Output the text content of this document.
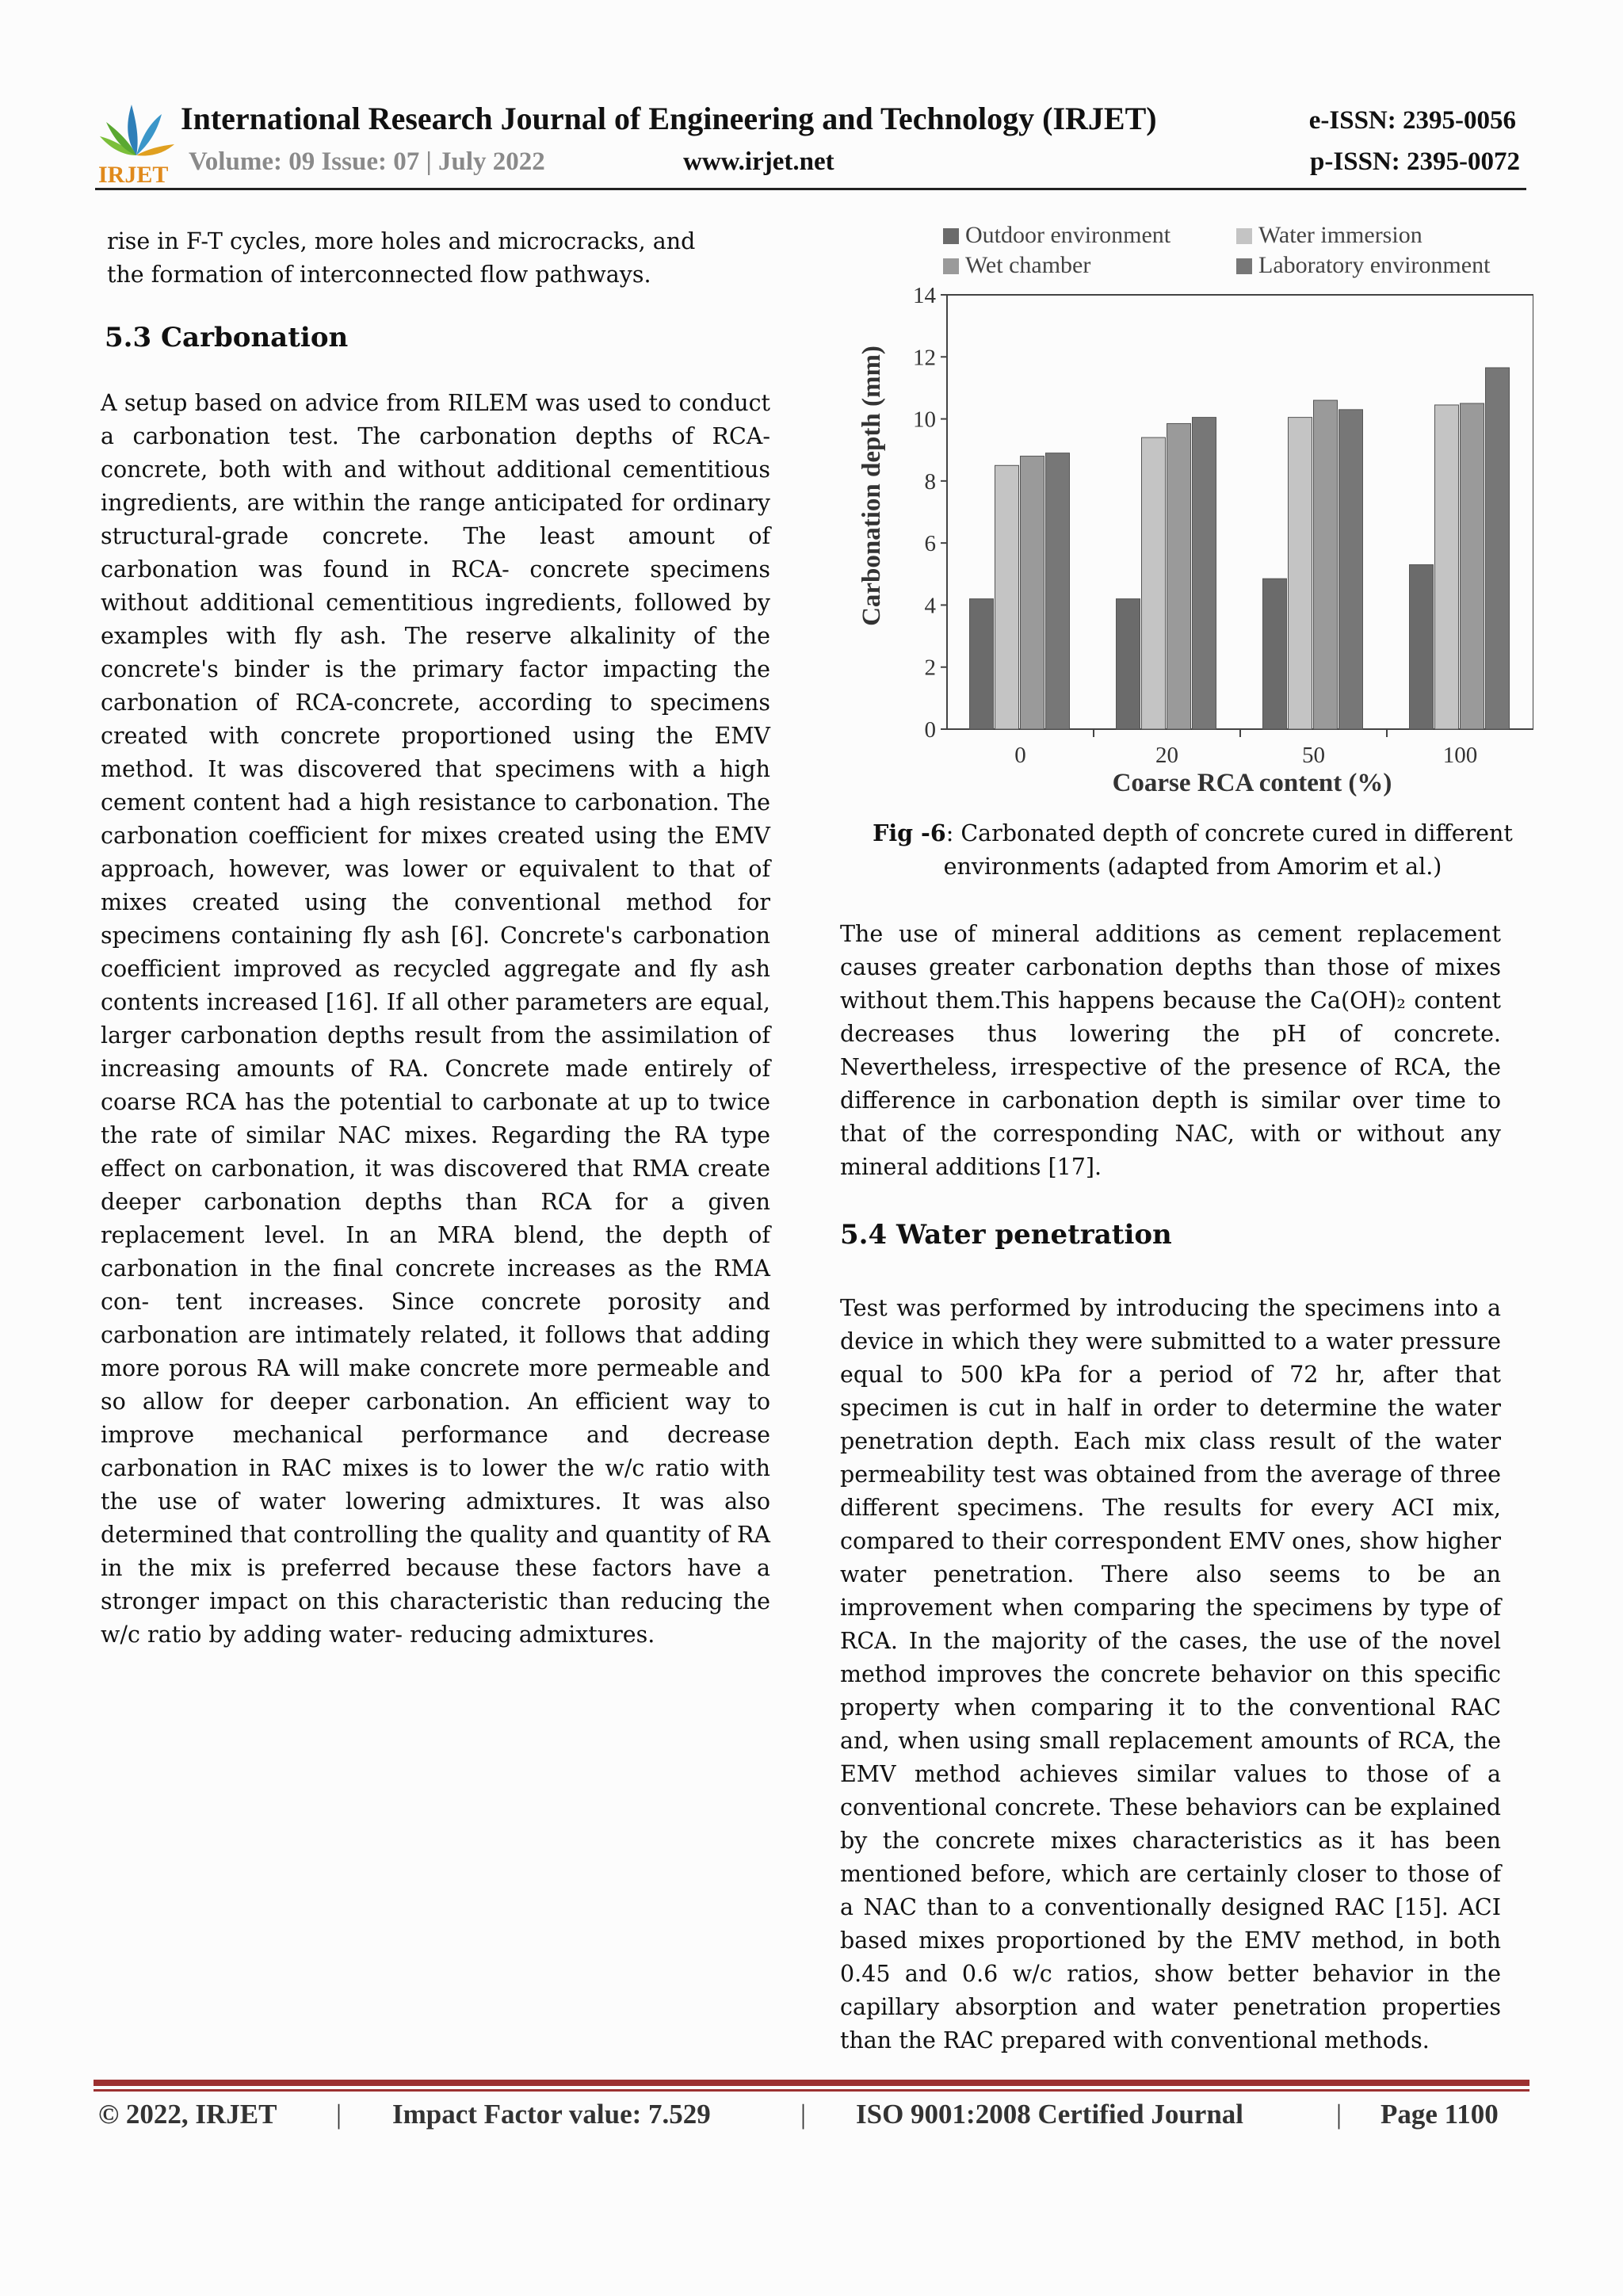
IRJET
International Research Journal of Engineering and Technology (IRJET)
Volume: 09 Issue: 07 | July 2022	www.irjet.net
e-ISSN: 2395-0056
p-ISSN: 2395-0072
rise in F-T cycles, more holes and microcracks, and
the formation of interconnected flow pathways.
5.3 Carbonation

A setup based on advice from RILEM was used to conduct a carbonation test. The carbonation depths of RCA-concrete, both with and without additional cementitious ingredients, are within the range anticipated for ordinary structural-grade concrete. The least amount of carbonation was found in RCA- concrete specimens without additional cementitious ingredients, followed by examples with fly ash. The reserve alkalinity of the concrete's binder is the primary factor impacting the carbonation of RCA-concrete, according to specimens created with concrete proportioned using the EMV method. It was discovered that specimens with a high cement content had a high resistance to carbonation. The carbonation coefficient for mixes created using the EMV approach, however, was lower or equivalent to that of mixes created using the conventional method for specimens containing fly ash [6]. Concrete's carbonation coefficient improved as recycled aggregate and fly ash contents increased [16]. If all other parameters are equal, larger carbonation depths result from the assimilation of increasing amounts of RA. Concrete made entirely of coarse RCA has the potential to carbonate at up to twice the rate of similar NAC mixes. Regarding the RA type effect on carbonation, it was discovered that RMA create deeper carbonation depths than RCA for a given replacement level. In an MRA blend, the depth of carbonation in the final concrete increases as the RMA con- tent increases. Since concrete porosity and carbonation are intimately related, it follows that adding more porous RA will make concrete more permeable and so allow for deeper carbonation. An efficient way to improve mechanical performance and decrease carbonation in RAC mixes is to lower the w/c ratio with the use of water lowering admixtures. It was also determined that controlling the quality and quantity of RA in the mix is preferred because these factors have a stronger impact on this characteristic than reducing the w/c ratio by adding water- reducing admixtures.

Outdoor environment	Water immersion
Wet chamber	Laboratory environment
Carbonation depth (mm)
Coarse RCA content (%)
0
2
4
6
8
10
12
14
0	20	50	100
Fig -6: Carbonated depth of concrete cured in different environments (adapted from Amorim et al.)

The use of mineral additions as cement replacement causes greater carbonation depths than those of mixes without them.This happens because the Ca(OH)₂ content decreases thus lowering the pH of concrete. Nevertheless, irrespective of the presence of RCA, the difference in carbonation depth is similar over time to that of the corresponding NAC, with or without any mineral additions [17].

5.4 Water penetration

Test was performed by introducing the specimens into a device in which they were submitted to a water pressure equal to 500 kPa for a period of 72 hr, after that specimen is cut in half in order to determine the water penetration depth. Each mix class result of the water permeability test was obtained from the average of three different specimens. The results for every ACI mix, compared to their correspondent EMV ones, show higher water penetration. There also seems to be an improvement when comparing the specimens by type of RCA. In the majority of the cases, the use of the novel method improves the concrete behavior on this specific property when comparing it to the conventional RAC and, when using small replacement amounts of RCA, the EMV method achieves similar values to those of a conventional concrete. These behaviors can be explained by the concrete mixes characteristics as it has been mentioned before, which are certainly closer to those of a NAC than to a conventionally designed RAC [15]. ACI based mixes proportioned by the EMV method, in both 0.45 and 0.6 w/c ratios, show better behavior in the capillary absorption and water penetration properties than the RAC prepared with conventional methods.

© 2022, IRJET | Impact Factor value: 7.529	| ISO 9001:2008 Certified Journal	| Page 1100
